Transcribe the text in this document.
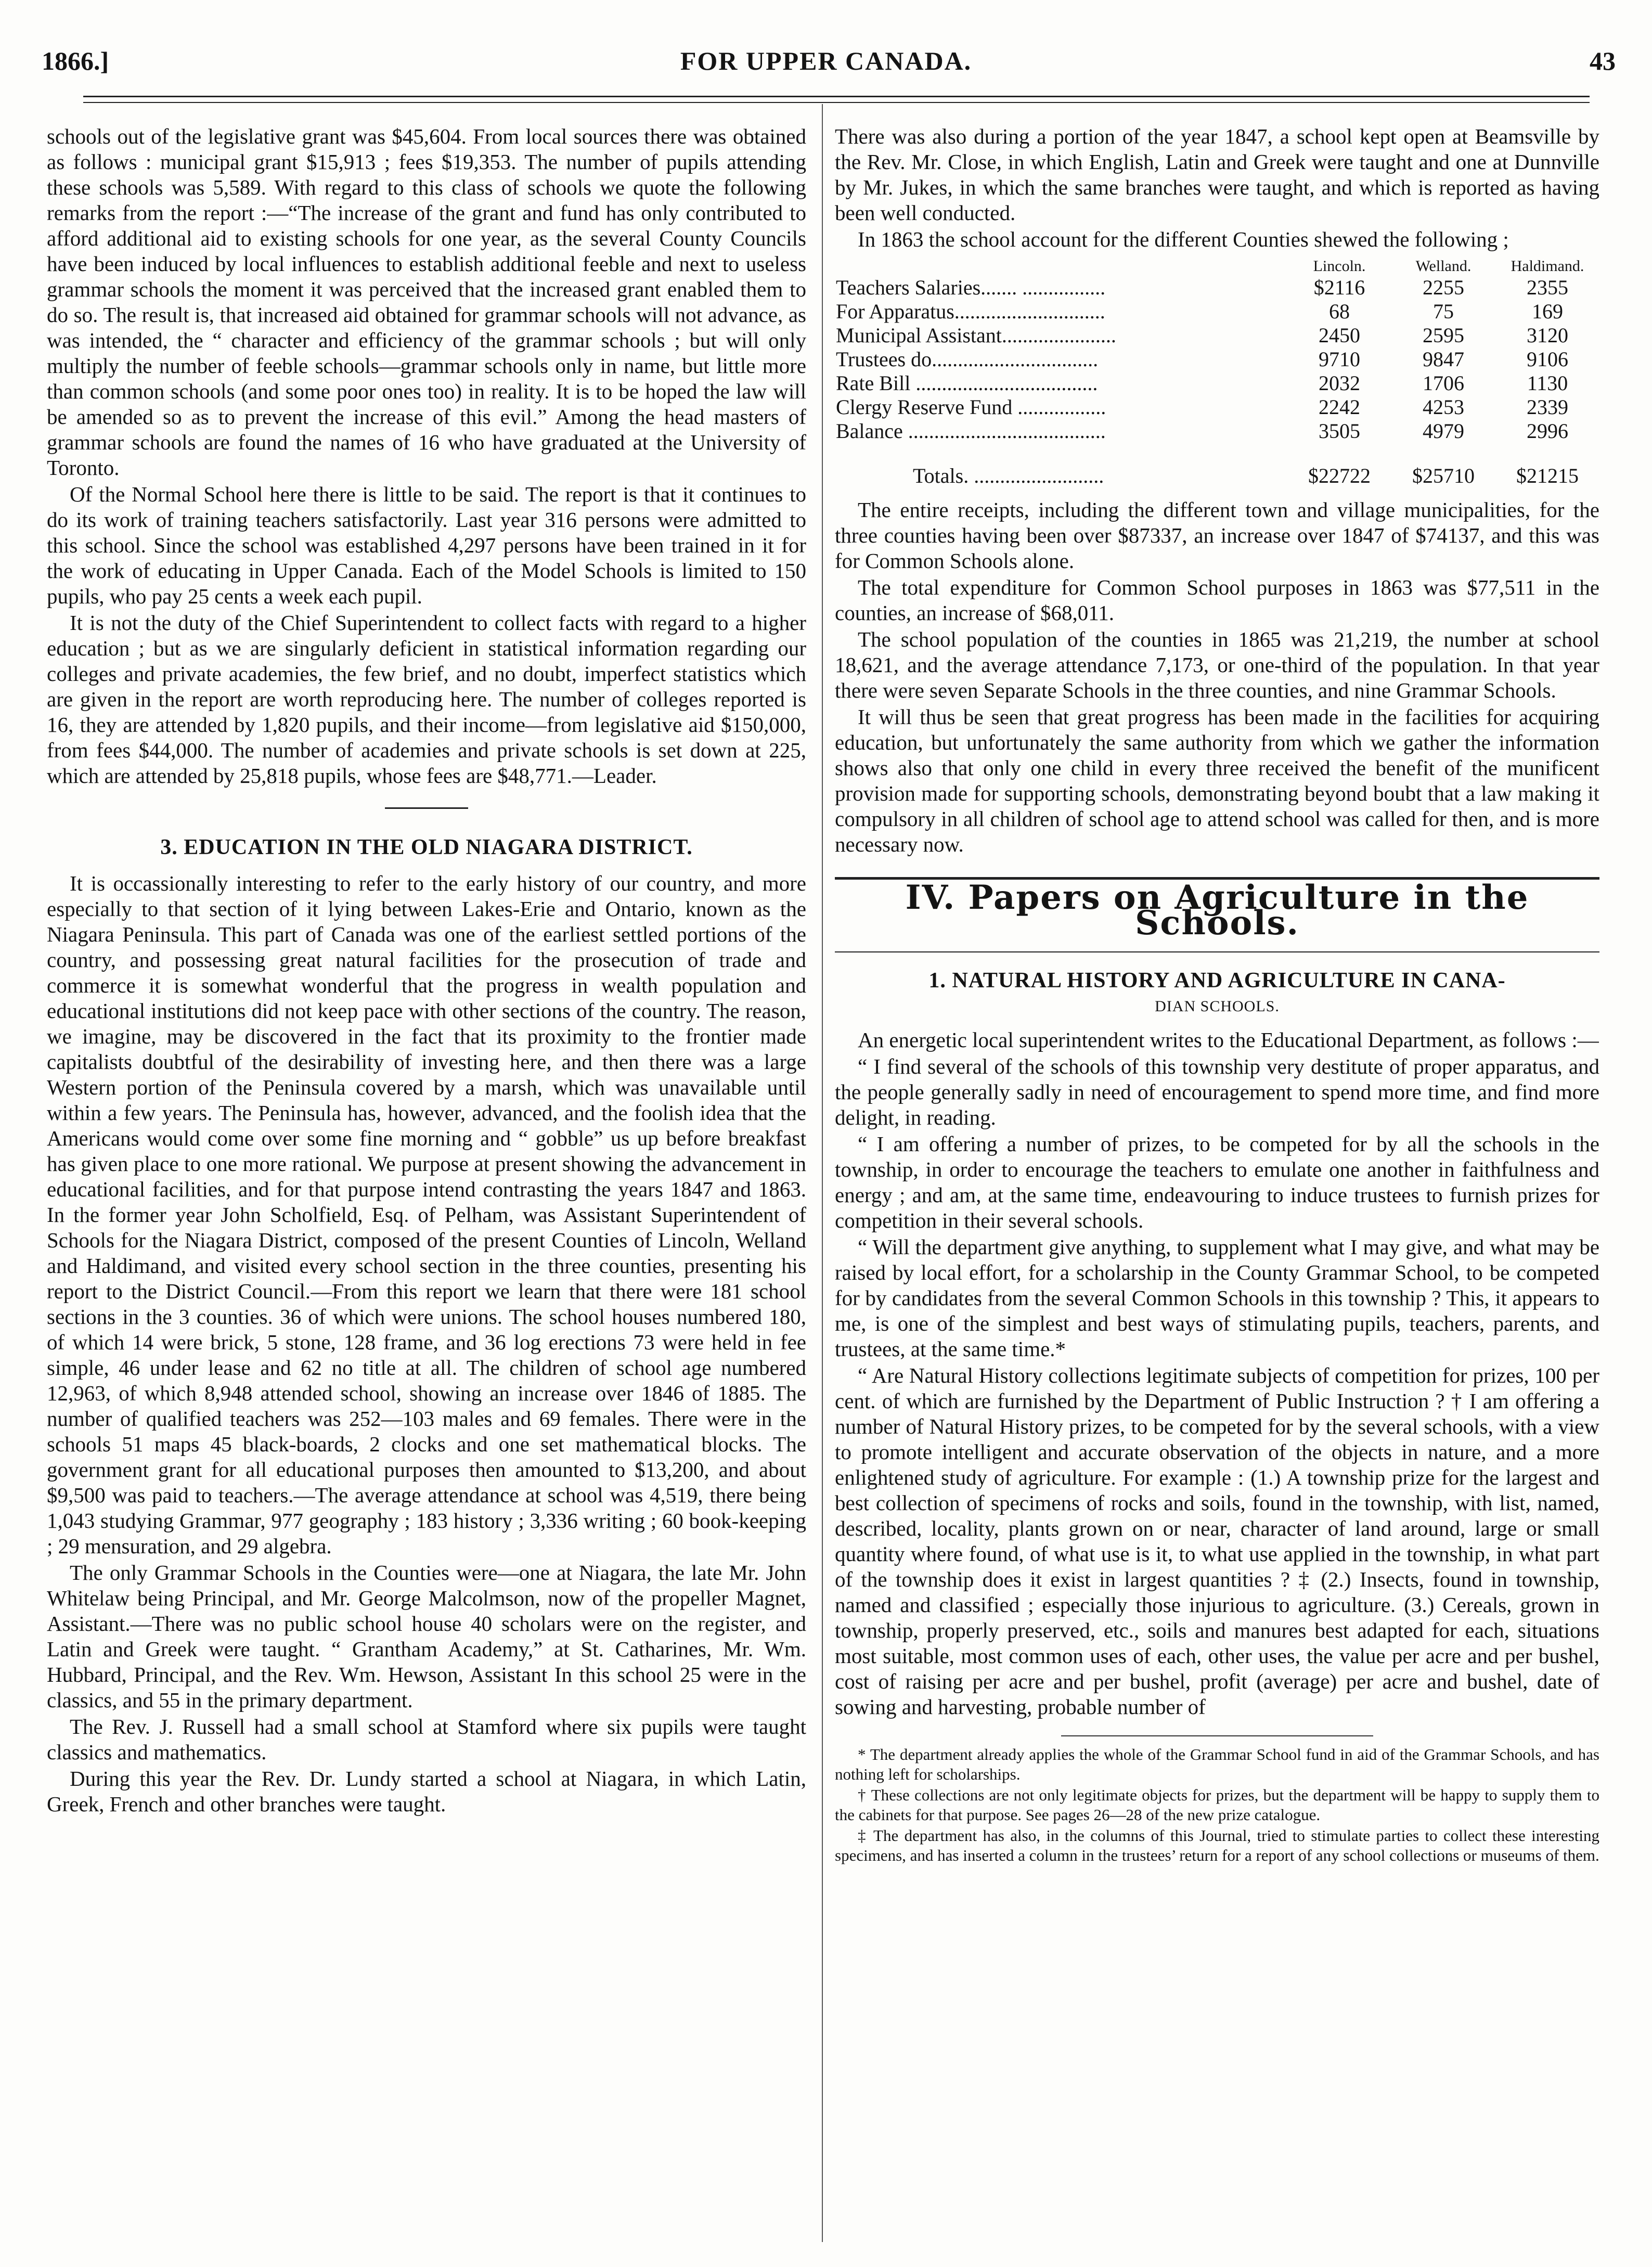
1866.]	FOR UPPER CANADA.	43

schools out of the legislative grant was $45,604. From local sources there was obtained as follows : municipal grant $15,913 ; fees $19,353. The number of pupils attending these schools was 5,589. With regard to this class of schools we quote the following remarks from the report :—“The increase of the grant and fund has only contributed to afford additional aid to existing schools for one year, as the several County Councils have been induced by local influences to establish additional feeble and next to useless grammar schools the moment it was perceived that the increased grant enabled them to do so. The result is, that increased aid obtained for grammar schools will not advance, as was intended, the “ character and efficiency of the grammar schools ; but will only multiply the number of feeble schools—grammar schools only in name, but little more than common schools (and some poor ones too) in reality. It is to be hoped the law will be amended so as to prevent the increase of this evil.” Among the head masters of grammar schools are found the names of 16 who have graduated at the University of Toronto.

Of the Normal School here there is little to be said. The report is that it continues to do its work of training teachers satisfactorily. Last year 316 persons were admitted to this school. Since the school was established 4,297 persons have been trained in it for the work of educating in Upper Canada. Each of the Model Schools is limited to 150 pupils, who pay 25 cents a week each pupil.

It is not the duty of the Chief Superintendent to collect facts with regard to a higher education ; but as we are singularly deficient in statistical information regarding our colleges and private academies, the few brief, and no doubt, imperfect statistics which are given in the report are worth reproducing here. The number of colleges reported is 16, they are attended by 1,820 pupils, and their income—from legislative aid $150,000, from fees $44,000. The number of academies and private schools is set down at 225, which are attended by 25,818 pupils, whose fees are $48,771.—Leader.

3. EDUCATION IN THE OLD NIAGARA DISTRICT.

It is occassionally interesting to refer to the early history of our country, and more especially to that section of it lying between Lakes-Erie and Ontario, known as the Niagara Peninsula. This part of Canada was one of the earliest settled portions of the country, and possessing great natural facilities for the prosecution of trade and commerce it is somewhat wonderful that the progress in wealth population and educational institutions did not keep pace with other sections of the country. The reason, we imagine, may be discovered in the fact that its proximity to the frontier made capitalists doubtful of the desirability of investing here, and then there was a large Western portion of the Peninsula covered by a marsh, which was unavailable until within a few years. The Peninsula has, however, advanced, and the foolish idea that the Americans would come over some fine morning and “ gobble” us up before breakfast has given place to one more rational. We purpose at present showing the advancement in educational facilities, and for that purpose intend contrasting the years 1847 and 1863. In the former year John Scholfield, Esq. of Pelham, was Assistant Superintendent of Schools for the Niagara District, composed of the present Counties of Lincoln, Welland and Haldimand, and visited every school section in the three counties, presenting his report to the District Council.—From this report we learn that there were 181 school sections in the 3 counties. 36 of which were unions. The school houses numbered 180, of which 14 were brick, 5 stone, 128 frame, and 36 log erections 73 were held in fee simple, 46 under lease and 62 no title at all. The children of school age numbered 12,963, of which 8,948 attended school, showing an increase over 1846 of 1885. The number of qualified teachers was 252—103 males and 69 females. There were in the schools 51 maps 45 black-boards, 2 clocks and one set mathematical blocks. The government grant for all educational purposes then amounted to $13,200, and about $9,500 was paid to teachers.—The average attendance at school was 4,519, there being 1,043 studying Grammar, 977 geography ; 183 history ; 3,336 writing ; 60 book-keeping ; 29 mensuration, and 29 algebra.

The only Grammar Schools in the Counties were—one at Niagara, the late Mr. John Whitelaw being Principal, and Mr. George Malcolmson, now of the propeller Magnet, Assistant.—There was no public school house 40 scholars were on the register, and Latin and Greek were taught. “ Grantham Academy,” at St. Catharines, Mr. Wm. Hubbard, Principal, and the Rev. Wm. Hewson, Assistant In this school 25 were in the classics, and 55 in the primary department.

The Rev. J. Russell had a small school at Stamford where six pupils were taught classics and mathematics.

During this year the Rev. Dr. Lundy started a school at Niagara, in which Latin, Greek, French and other branches were taught.

There was also during a portion of the year 1847, a school kept open at Beamsville by the Rev. Mr. Close, in which English, Latin and Greek were taught and one at Dunnville by Mr. Jukes, in which the same branches were taught, and which is reported as having been well conducted.

In 1863 the school account for the different Counties shewed the following ;

	Lincoln.	Welland.	Haldimand.
Teachers Salaries....... ................	$2116	2255	2355
For Apparatus.............................	68	75	169
Municipal Assistant......................	2450	2595	3120
Trustees do................................	9710	9847	9106
Rate Bill ...................................	2032	1706	1130
Clergy Reserve Fund .................	2242	4253	2339
Balance ......................................	3505	4979	2996
Totals. .........................	$22722	$25710	$21215

The entire receipts, including the different town and village municipalities, for the three counties having been over $87337, an increase over 1847 of $74137, and this was for Common Schools alone.

The total expenditure for Common School purposes in 1863 was $77,511 in the counties, an increase of $68,011.

The school population of the counties in 1865 was 21,219, the number at school 18,621, and the average attendance 7,173, or one-third of the population. In that year there were seven Separate Schools in the three counties, and nine Grammar Schools.

It will thus be seen that great progress has been made in the facilities for acquiring education, but unfortunately the same authority from which we gather the information shows also that only one child in every three received the benefit of the munificent provision made for supporting schools, demonstrating beyond boubt that a law making it compulsory in all children of school age to attend school was called for then, and is more necessary now.

IV. Papers on Agriculture in the Schools.
1. NATURAL HISTORY AND AGRICULTURE IN CANA-
DIAN SCHOOLS.

An energetic local superintendent writes to the Educational Department, as follows :—

“ I find several of the schools of this township very destitute of proper apparatus, and the people generally sadly in need of encouragement to spend more time, and find more delight, in reading.

“ I am offering a number of prizes, to be competed for by all the schools in the township, in order to encourage the teachers to emulate one another in faithfulness and energy ; and am, at the same time, endeavouring to induce trustees to furnish prizes for competition in their several schools.

“ Will the department give anything, to supplement what I may give, and what may be raised by local effort, for a scholarship in the County Grammar School, to be competed for by candidates from the several Common Schools in this township ? This, it appears to me, is one of the simplest and best ways of stimulating pupils, teachers, parents, and trustees, at the same time.*

“ Are Natural History collections legitimate subjects of competition for prizes, 100 per cent. of which are furnished by the Department of Public Instruction ? † I am offering a number of Natural History prizes, to be competed for by the several schools, with a view to promote intelligent and accurate observation of the objects in nature, and a more enlightened study of agriculture. For example : (1.) A township prize for the largest and best collection of specimens of rocks and soils, found in the township, with list, named, described, locality, plants grown on or near, character of land around, large or small quantity where found, of what use is it, to what use applied in the township, in what part of the township does it exist in largest quantities ? ‡ (2.) Insects, found in township, named and classified ; especially those injurious to agriculture. (3.) Cereals, grown in township, properly preserved, etc., soils and manures best adapted for each, situations most suitable, most common uses of each, other uses, the value per acre and per bushel, cost of raising per acre and per bushel, profit (average) per acre and bushel, date of sowing and harvesting, probable number of

* The department already applies the whole of the Grammar School fund in aid of the Grammar Schools, and has nothing left for scholarships.

† These collections are not only legitimate objects for prizes, but the department will be happy to supply them to the cabinets for that purpose. See pages 26—28 of the new prize catalogue.

‡ The department has also, in the columns of this Journal, tried to stimulate parties to collect these interesting specimens, and has inserted a column in the trustees’ return for a report of any school collections or museums of them.
